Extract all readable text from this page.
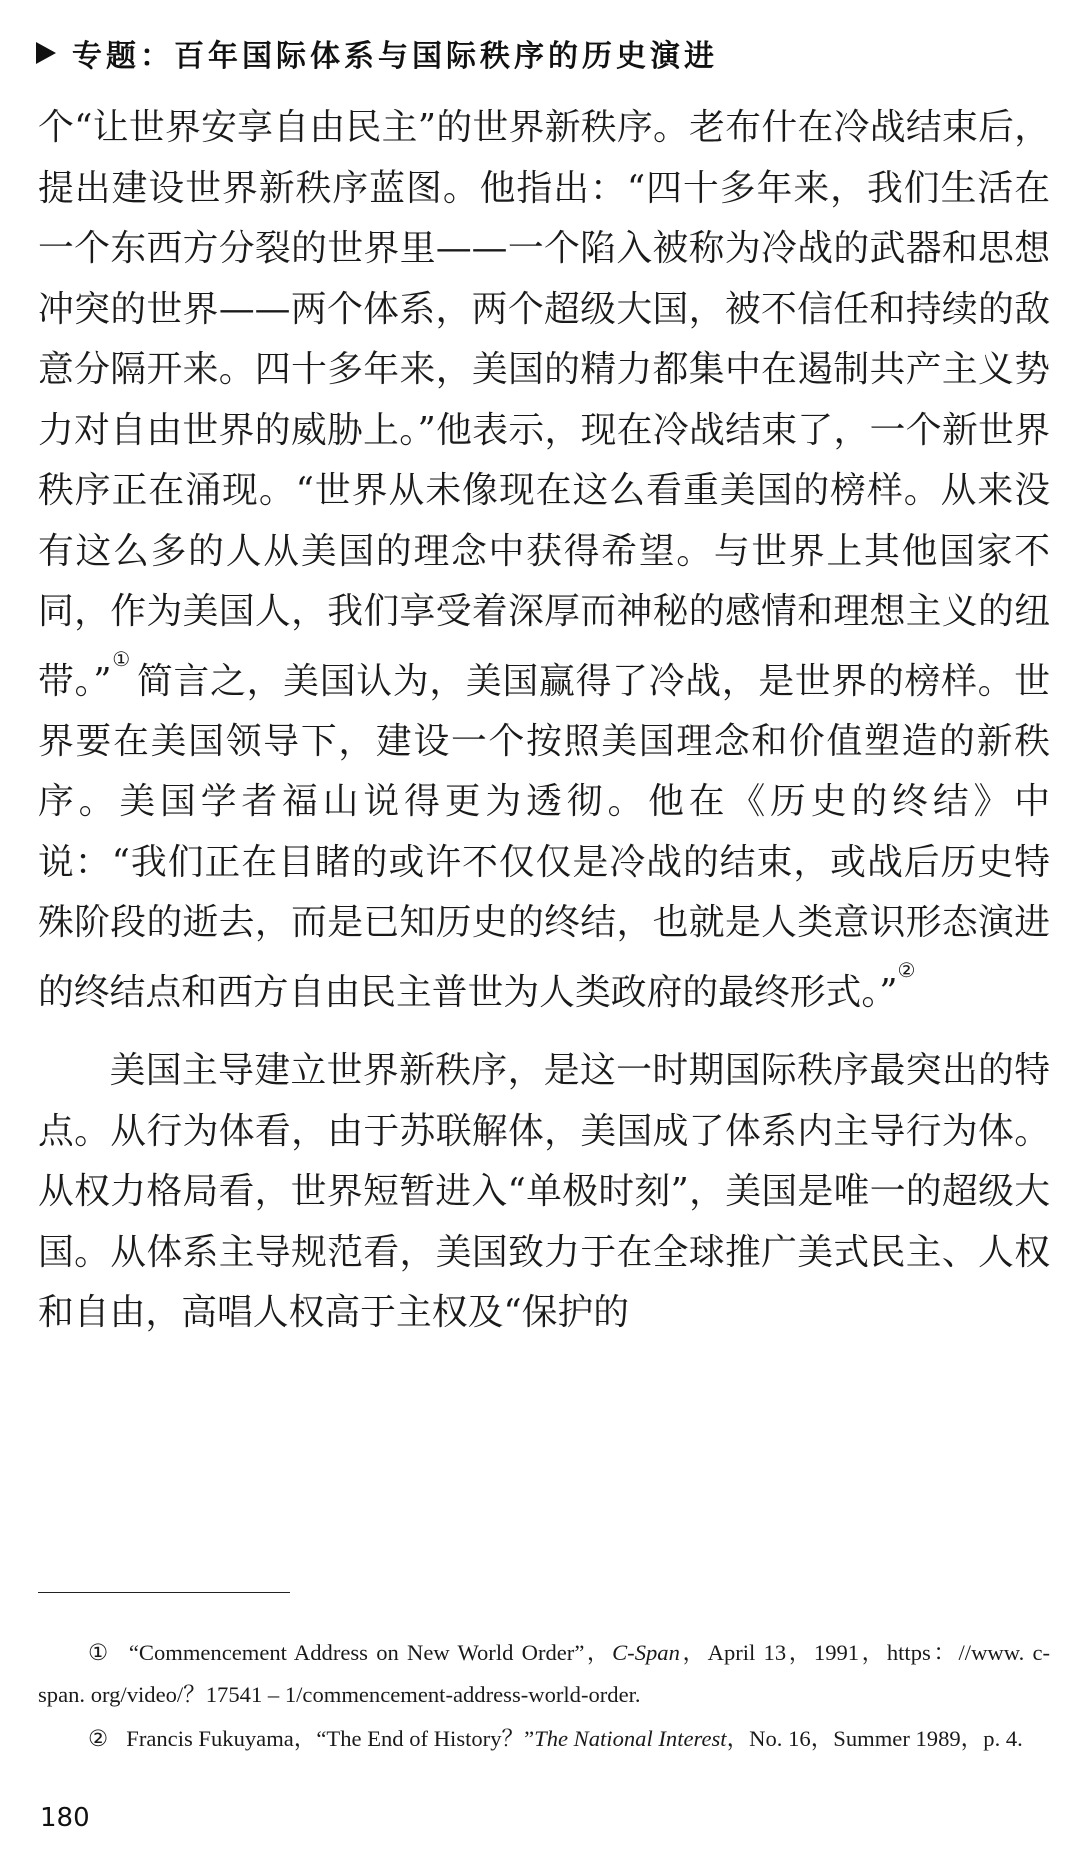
专题：百年国际体系与国际秩序的历史演进

个“让世界安享自由民主”的世界新秩序。老布什在冷战结束后，提出建设世界新秩序蓝图。他指出：“四十多年来，我们生活在一个东西方分裂的世界里——一个陷入被称为冷战的武器和思想冲突的世界——两个体系，两个超级大国，被不信任和持续的敌意分隔开来。四十多年来，美国的精力都集中在遏制共产主义势力对自由世界的威胁上。”他表示，现在冷战结束了，一个新世界秩序正在涌现。“世界从未像现在这么看重美国的榜样。从来没有这么多的人从美国的理念中获得希望。与世界上其他国家不同，作为美国人，我们享受着深厚而神秘的感情和理想主义的纽带。”①简言之，美国认为，美国赢得了冷战，是世界的榜样。世界要在美国领导下，建设一个按照美国理念和价值塑造的新秩序。美国学者福山说得更为透彻。他在《历史的终结》中说：“我们正在目睹的或许不仅仅是冷战的结束，或战后历史特殊阶段的逝去，而是已知历史的终结，也就是人类意识形态演进的终结点和西方自由民主普世为人类政府的最终形式。”②

美国主导建立世界新秩序，是这一时期国际秩序最突出的特点。从行为体看，由于苏联解体，美国成了体系内主导行为体。从权力格局看，世界短暂进入“单极时刻”，美国是唯一的超级大国。从体系主导规范看，美国致力于在全球推广美式民主、人权和自由，高唱人权高于主权及“保护的

① “Commencement Address on New World Order”，C-Span，April 13，1991，https：//www. c-span. org/video/？17541 – 1/commencement-address-world-order.

② Francis Fukuyama，“The End of History？”The National Interest，No. 16，Summer 1989，p. 4.

180
